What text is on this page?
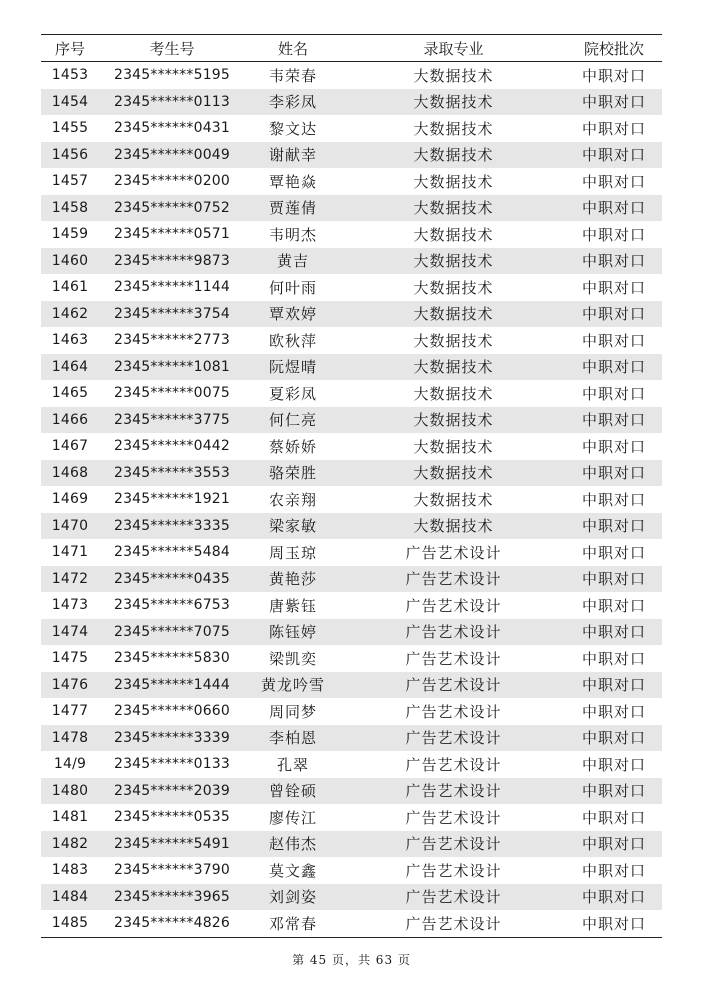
序号	考生号	姓名	录取专业	院校批次
1453	2345******5195	韦荣春	大数据技术	中职对口
1454	2345******0113	李彩凤	大数据技术	中职对口
1455	2345******0431	黎文达	大数据技术	中职对口
1456	2345******0049	谢献幸	大数据技术	中职对口
1457	2345******0200	覃艳焱	大数据技术	中职对口
1458	2345******0752	贾莲倩	大数据技术	中职对口
1459	2345******0571	韦明杰	大数据技术	中职对口
1460	2345******9873	黄吉	大数据技术	中职对口
1461	2345******1144	何叶雨	大数据技术	中职对口
1462	2345******3754	覃欢婷	大数据技术	中职对口
1463	2345******2773	欧秋萍	大数据技术	中职对口
1464	2345******1081	阮煜晴	大数据技术	中职对口
1465	2345******0075	夏彩凤	大数据技术	中职对口
1466	2345******3775	何仁亮	大数据技术	中职对口
1467	2345******0442	蔡娇娇	大数据技术	中职对口
1468	2345******3553	骆荣胜	大数据技术	中职对口
1469	2345******1921	农亲翔	大数据技术	中职对口
1470	2345******3335	梁家敏	大数据技术	中职对口
1471	2345******5484	周玉琼	广告艺术设计	中职对口
1472	2345******0435	黄艳莎	广告艺术设计	中职对口
1473	2345******6753	唐紫钰	广告艺术设计	中职对口
1474	2345******7075	陈钰婷	广告艺术设计	中职对口
1475	2345******5830	梁凯奕	广告艺术设计	中职对口
1476	2345******1444	黄龙吟雪	广告艺术设计	中职对口
1477	2345******0660	周同梦	广告艺术设计	中职对口
1478	2345******3339	李柏恩	广告艺术设计	中职对口
14/9	2345******0133	孔翠	广告艺术设计	中职对口
1480	2345******2039	曾铨硕	广告艺术设计	中职对口
1481	2345******0535	廖传江	广告艺术设计	中职对口
1482	2345******5491	赵伟杰	广告艺术设计	中职对口
1483	2345******3790	莫文鑫	广告艺术设计	中职对口
1484	2345******3965	刘剑姿	广告艺术设计	中职对口
1485	2345******4826	邓常春	广告艺术设计	中职对口
第 45 页，共 63 页
